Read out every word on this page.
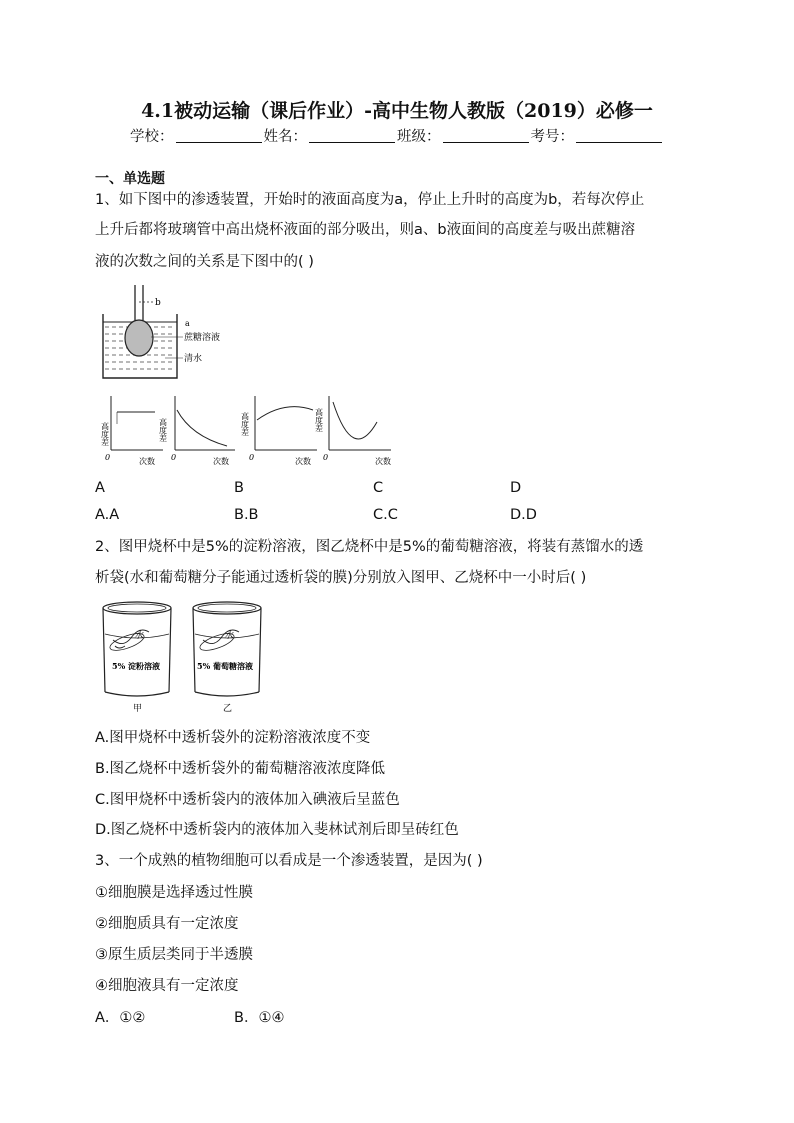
4.1被动运输（课后作业）-高中生物人教版（2019）必修一
学校：	姓名：	班级：	考号：
一、单选题
1、如下图中的渗透装置，开始时的液面高度为a，停止上升时的高度为b，若每次停止
上升后都将玻璃管中高出烧杯液面的部分吸出，则a、b液面间的高度差与吸出蔗糖溶
液的次数之间的关系是下图中的( )
b
a
蔗糖溶液
清水
高度差
0	次数
高度差
0	次数
高度差
0	次数
高度差
0	次数
A	B	C	D
A.A	B.B	C.C	D.D
2、图甲烧杯中是5%的淀粉溶液，图乙烧杯中是5%的葡萄糖溶液，将装有蒸馏水的透
析袋(水和葡萄糖分子能通过透析袋的膜)分别放入图甲、乙烧杯中一小时后( )
水
5% 淀粉溶液
甲
水
5% 葡萄糖溶液
乙
A.图甲烧杯中透析袋外的淀粉溶液浓度不变
B.图乙烧杯中透析袋外的葡萄糖溶液浓度降低
C.图甲烧杯中透析袋内的液体加入碘液后呈蓝色
D.图乙烧杯中透析袋内的液体加入斐林试剂后即呈砖红色
3、一个成熟的植物细胞可以看成是一个渗透装置，是因为( )
①细胞膜是选择透过性膜
②细胞质具有一定浓度
③原生质层类同于半透膜
④细胞液具有一定浓度
A．①②	B．①④
